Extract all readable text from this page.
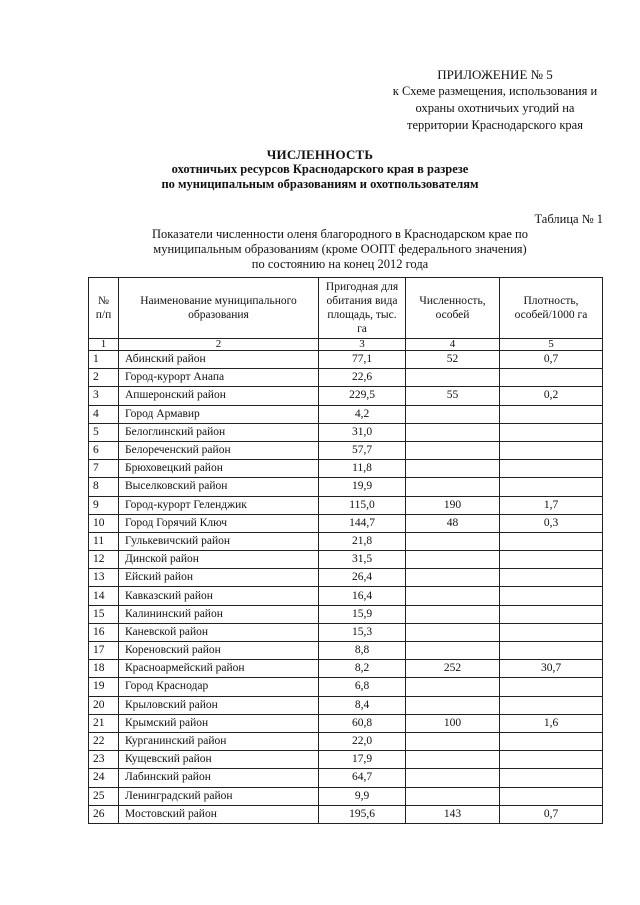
ПРИЛОЖЕНИЕ № 5
к Схеме размещения, использования и
охраны охотничьих угодий на
территории Краснодарского края
ЧИСЛЕННОСТЬ
охотничьих ресурсов Краснодарского края в разрезе
по муниципальным образованиям и охотпользователям
Таблица № 1
Показатели численности оленя благородного в Краснодарском крае по
муниципальным образованиям (кроме ООПТ федерального значения)
по состоянию на конец 2012 года
№ п/п	Наименование муниципального образования	Пригодная для обитания вида площадь, тыс. га	Численность, особей	Плотность, особей/1000 га
1	2	3	4	5
1	Абинский район	77,1	52	0,7
2	Город-курорт Анапа	22,6		
3	Апшеронский район	229,5	55	0,2
4	Город Армавир	4,2		
5	Белоглинский район	31,0		
6	Белореченский район	57,7		
7	Брюховецкий район	11,8		
8	Выселковский район	19,9		
9	Город-курорт Геленджик	115,0	190	1,7
10	Город Горячий Ключ	144,7	48	0,3
11	Гулькевичский район	21,8		
12	Динской район	31,5		
13	Ейский район	26,4		
14	Кавказский район	16,4		
15	Калининский район	15,9		
16	Каневской район	15,3		
17	Кореновский район	8,8		
18	Красноармейский район	8,2	252	30,7
19	Город Краснодар	6,8		
20	Крыловский район	8,4		
21	Крымский район	60,8	100	1,6
22	Курганинский район	22,0		
23	Кущевский район	17,9		
24	Лабинский район	64,7		
25	Ленинградский район	9,9		
26	Мостовский район	195,6	143	0,7
